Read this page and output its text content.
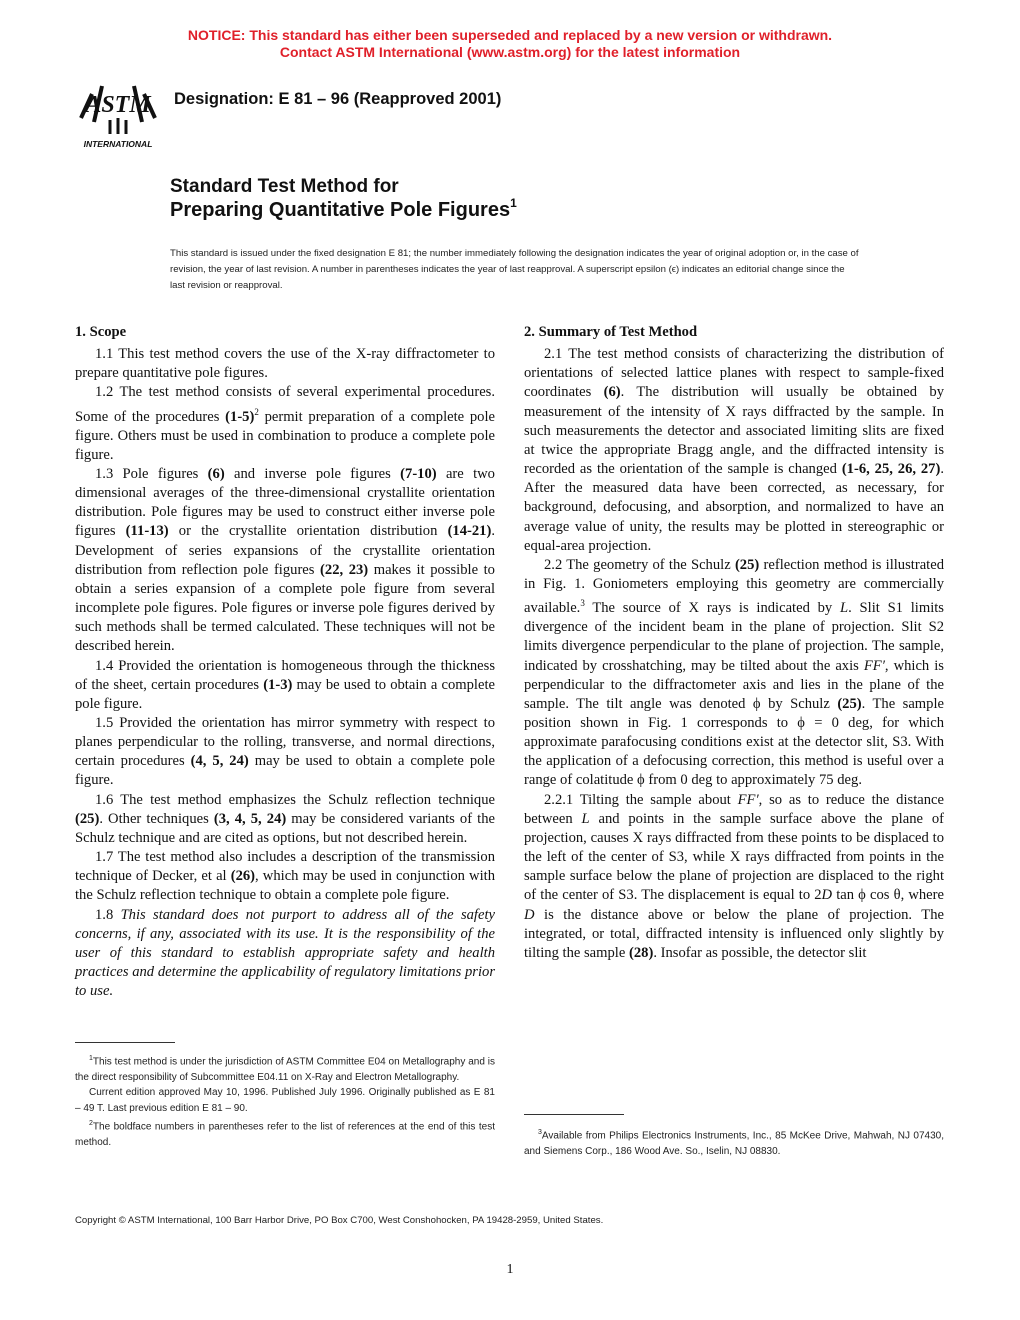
NOTICE: This standard has either been superseded and replaced by a new version or withdrawn.
Contact ASTM International (www.astm.org) for the latest information
ASTM
INTERNATIONAL
Designation: E 81 – 96 (Reapproved 2001)
Standard Test Method for
Preparing Quantitative Pole Figures$^1$
This standard is issued under the fixed designation E 81; the number immediately following the designation indicates the year of original adoption or, in the case of revision, the year of last revision. A number in parentheses indicates the year of last reapproval. A superscript epsilon (ϵ) indicates an editorial change since the last revision or reapproval.
1. Scope

1.1 This test method covers the use of the X-ray diffractometer to prepare quantitative pole figures.

1.2 The test method consists of several experimental procedures. Some of the procedures $(1-5)^2$ permit preparation of a complete pole figure. Others must be used in combination to produce a complete pole figure.

1.3 Pole figures (6) and inverse pole figures (7-10) are two dimensional averages of the three-dimensional crystallite orientation distribution. Pole figures may be used to construct either inverse pole figures (11-13) or the crystallite orientation distribution (14-21). Development of series expansions of the crystallite orientation distribution from reflection pole figures (22, 23) makes it possible to obtain a series expansion of a complete pole figure from several incomplete pole figures. Pole figures or inverse pole figures derived by such methods shall be termed calculated. These techniques will not be described herein.

1.4 Provided the orientation is homogeneous through the thickness of the sheet, certain procedures (1-3) may be used to obtain a complete pole figure.

1.5 Provided the orientation has mirror symmetry with respect to planes perpendicular to the rolling, transverse, and normal directions, certain procedures (4, 5, 24) may be used to obtain a complete pole figure.

1.6 The test method emphasizes the Schulz reflection technique (25). Other techniques (3, 4, 5, 24) may be considered variants of the Schulz technique and are cited as options, but not described herein.

1.7 The test method also includes a description of the transmission technique of Decker, et al (26), which may be used in conjunction with the Schulz reflection technique to obtain a complete pole figure.

1.8 This standard does not purport to address all of the safety concerns, if any, associated with its use. It is the responsibility of the user of this standard to establish appropriate safety and health practices and determine the applicability of regulatory limitations prior to use.

2. Summary of Test Method

2.1 The test method consists of characterizing the distribution of orientations of selected lattice planes with respect to sample-fixed coordinates (6). The distribution will usually be obtained by measurement of the intensity of X rays diffracted by the sample. In such measurements the detector and associated limiting slits are fixed at twice the appropriate Bragg angle, and the diffracted intensity is recorded as the orientation of the sample is changed (1-6, 25, 26, 27). After the measured data have been corrected, as necessary, for background, defocusing, and absorption, and normalized to have an average value of unity, the results may be plotted in stereographic or equal-area projection.

2.2 The geometry of the Schulz (25) reflection method is illustrated in Fig. 1. Goniometers employing this geometry are commercially available.$^3$ The source of X rays is indicated by L. Slit S1 limits divergence of the incident beam in the plane of projection. Slit S2 limits divergence perpendicular to the plane of projection. The sample, indicated by crosshatching, may be tilted about the axis FF′, which is perpendicular to the diffractometer axis and lies in the plane of the sample. The tilt angle was denoted ϕ by Schulz (25). The sample position shown in Fig. 1 corresponds to ϕ = 0 deg, for which approximate parafocusing conditions exist at the detector slit, S3. With the application of a defocusing correction, this method is useful over a range of colatitude ϕ from 0 deg to approximately 75 deg.

2.2.1 Tilting the sample about FF′, so as to reduce the distance between L and points in the sample surface above the plane of projection, causes X rays diffracted from these points to be displaced to the left of the center of S3, while X rays diffracted from points in the sample surface below the plane of projection are displaced to the right of the center of S3. The displacement is equal to 2D tan ϕ cos θ, where D is the distance above or below the plane of projection. The integrated, or total, diffracted intensity is influenced only slightly by tilting the sample (28). Insofar as possible, the detector slit

$^1$This test method is under the jurisdiction of ASTM Committee E04 on Metallography and is the direct responsibility of Subcommittee E04.11 on X-Ray and Electron Metallography.

Current edition approved May 10, 1996. Published July 1996. Originally published as E 81 – 49 T. Last previous edition E 81 – 90.

$^2$The boldface numbers in parentheses refer to the list of references at the end of this test method.

$^3$Available from Philips Electronics Instruments, Inc., 85 McKee Drive, Mahwah, NJ 07430, and Siemens Corp., 186 Wood Ave. So., Iselin, NJ 08830.

Copyright © ASTM International, 100 Barr Harbor Drive, PO Box C700, West Conshohocken, PA 19428-2959, United States.
1
